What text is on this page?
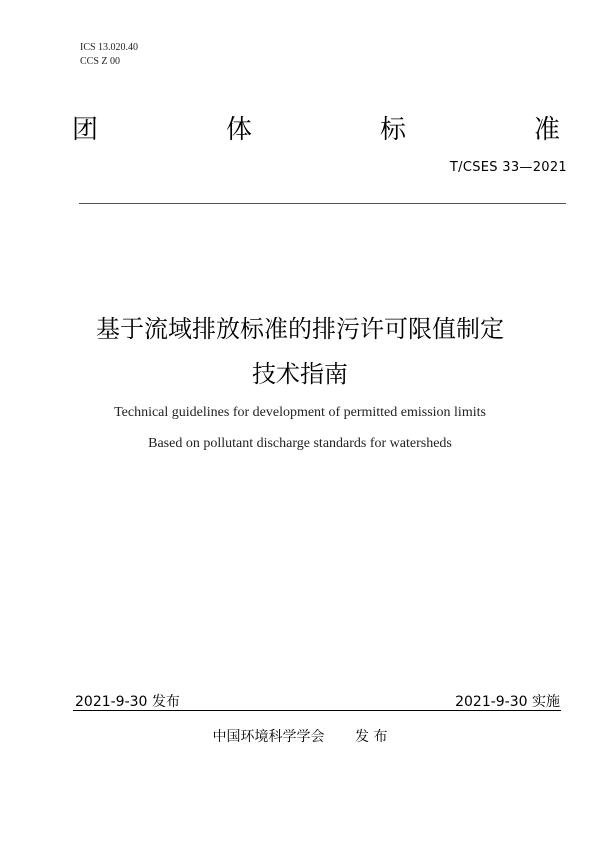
ICS 13.020.40
CCS Z 00
团	体	标	准
T/CSES 33—2021
基于流域排放标准的排污许可限值制定
技术指南
Technical guidelines for development of permitted emission limits
Based on pollutant discharge standards for watersheds
2021-9-30 发布	2021-9-30 实施
中国环境科学学会 发 布
